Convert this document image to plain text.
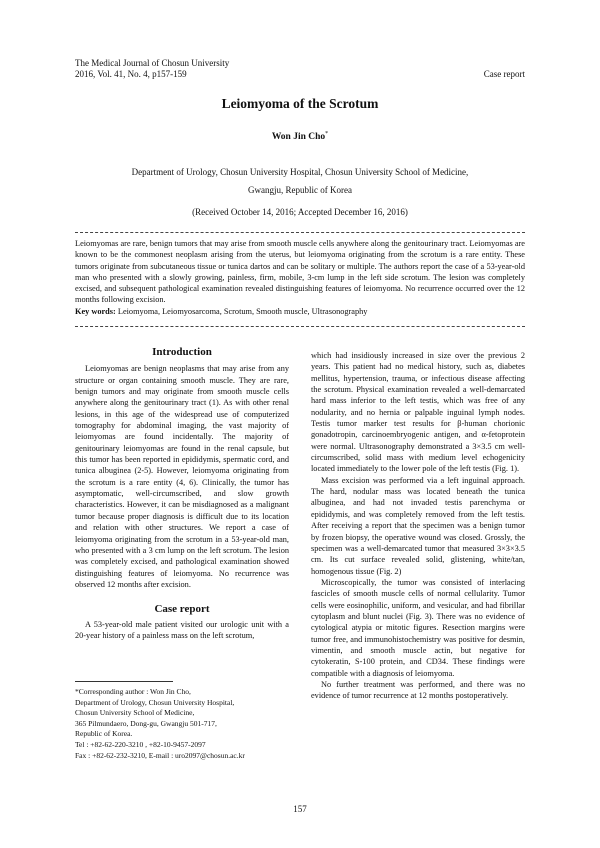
The Medical Journal of Chosun University
2016, Vol. 41, No. 4, p157-159	Case report
Leiomyoma of the Scrotum
Won Jin Cho*
Department of Urology, Chosun University Hospital, Chosun University School of Medicine,
Gwangju, Republic of Korea
(Received October 14, 2016; Accepted December 16, 2016)

Leiomyomas are rare, benign tumors that may arise from smooth muscle cells anywhere along the genitourinary tract. Leiomyomas are known to be the commonest neoplasm arising from the uterus, but leiomyoma originating from the scrotum is a rare entity. These tumors originate from subcutaneous tissue or tunica dartos and can be solitary or multiple. The authors report the case of a 53-year-old man who presented with a slowly growing, painless, firm, mobile, 3-cm lump in the left side scrotum. The lesion was completely excised, and subsequent pathological examination revealed distinguishing features of leiomyoma. No recurrence occurred over the 12 months following excision.

Key words: Leiomyoma, Leiomyosarcoma, Scrotum, Smooth muscle, Ultrasonography

Introduction

Leiomyomas are benign neoplasms that may arise from any structure or organ containing smooth muscle. They are rare, benign tumors and may originate from smooth muscle cells anywhere along the genitourinary tract (1). As with other renal lesions, in this age of the widespread use of computerized tomography for abdominal imaging, the vast majority of leiomyomas are found incidentally. The majority of genitourinary leiomyomas are found in the renal capsule, but this tumor has been reported in epididymis, spermatic cord, and tunica albuginea (2-5). However, leiomyoma originating from the scrotum is a rare entity (4, 6). Clinically, the tumor has asymptomatic, well-circumscribed, and slow growth characteristics. However, it can be misdiagnosed as a malignant tumor because proper diagnosis is difficult due to its location and relation with other structures. We report a case of leiomyoma originating from the scrotum in a 53-year-old man, who presented with a 3 cm lump on the left scrotum. The lesion was completely excised, and pathological examination showed distinguishing features of leiomyoma. No recurrence was observed 12 months after excision.

Case report

A 53-year-old male patient visited our urologic unit with a 20-year history of a painless mass on the left scrotum,

which had insidiously increased in size over the previous 2 years. This patient had no medical history, such as, diabetes mellitus, hypertension, trauma, or infectious disease affecting the scrotum. Physical examination revealed a well-demarcated hard mass inferior to the left testis, which was free of any nodularity, and no hernia or palpable inguinal lymph nodes. Testis tumor marker test results for β-human chorionic gonadotropin, carcinoembryogenic antigen, and α-fetoprotein were normal. Ultrasonography demonstrated a 3×3.5 cm well-circumscribed, solid mass with medium level echogenicity located immediately to the lower pole of the left testis (Fig. 1).

Mass excision was performed via a left inguinal approach. The hard, nodular mass was located beneath the tunica albuginea, and had not invaded testis parenchyma or epididymis, and was completely removed from the left testis. After receiving a report that the specimen was a benign tumor by frozen biopsy, the operative wound was closed. Grossly, the specimen was a well-demarcated tumor that measured 3×3×3.5 cm. Its cut surface revealed solid, glistening, white/tan, homogenous tissue (Fig. 2)

Microscopically, the tumor was consisted of interlacing fascicles of smooth muscle cells of normal cellularity. Tumor cells were eosinophilic, uniform, and vesicular, and had fibrillar cytoplasm and blunt nuclei (Fig. 3). There was no evidence of cytological atypia or mitotic figures. Resection margins were tumor free, and immunohistochemistry was positive for desmin, vimentin, and smooth muscle actin, but negative for cytokeratin, S-100 protein, and CD34. These findings were compatible with a diagnosis of leiomyoma.

No further treatment was performed, and there was no evidence of tumor recurrence at 12 months postoperatively.

*Corresponding author : Won Jin Cho,
Department of Urology, Chosun University Hospital,
Chosun University School of Medicine,
365 Pilmundaero, Dong-gu, Gwangju 501-717,
Republic of Korea.
Tel : +82-62-220-3210 , +82-10-9457-2097
Fax : +82-62-232-3210, E-mail : uro2097@chosun.ac.kr
157
